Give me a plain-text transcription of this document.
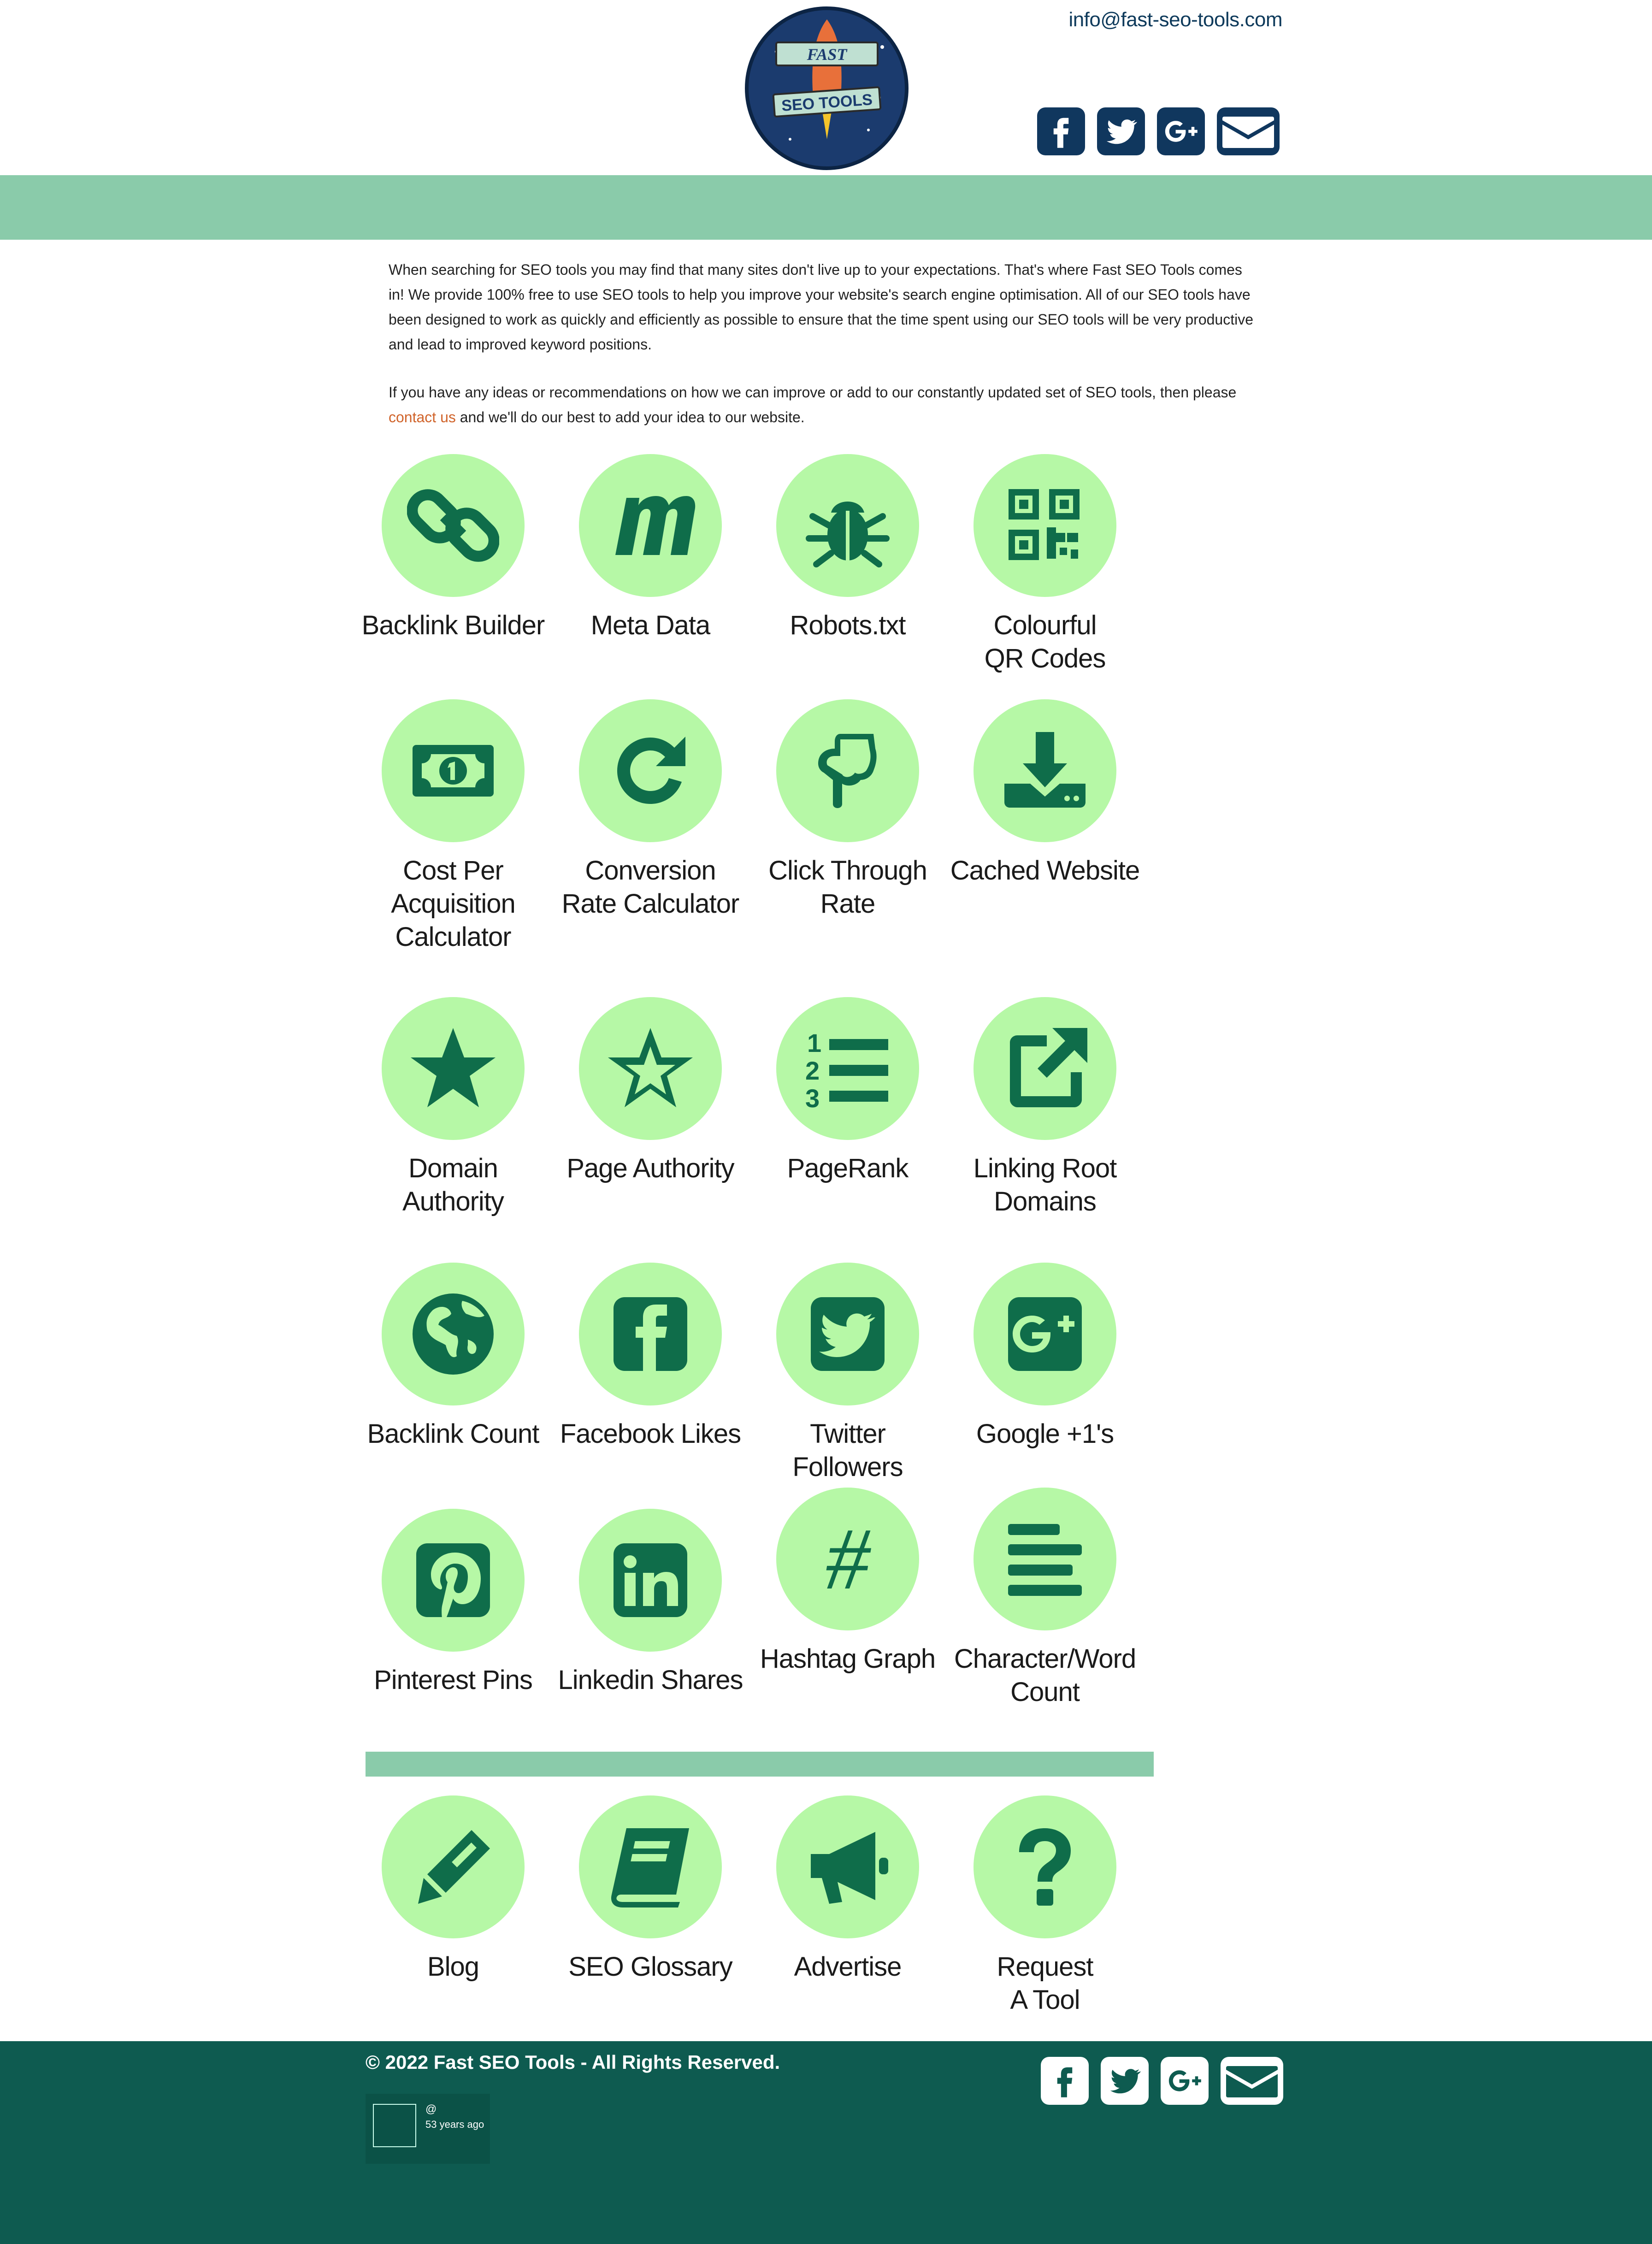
info@fast-seo-tools.com
FAST
SEO TOOLS

When searching for SEO tools you may find that many sites don't live up to your expectations. That's where Fast SEO Tools comes in! We provide 100% free to use SEO tools to help you improve your website's search engine optimisation. All of our SEO tools have been designed to work as quickly and efficiently as possible to ensure that the time spent using our SEO tools will be very productive and lead to improved keyword positions.

If you have any ideas or recommendations on how we can improve or add to our constantly updated set of SEO tools, then please contact us and we'll do our best to add your idea to our website.

Backlink Builder	Meta Data	Robots.txt	Colourful
QR Codes
Cost Per
Acquisition
Calculator
Conversion
Rate Calculator
Click Through
Rate
Cached Website
Domain
Authority
Page Authority
1
2
3
PageRank	Linking Root
Domains
Backlink Count Facebook Likes	Twitter
Followers
Google +1's
Pinterest Pins Linkedin Shares
#
Hashtag Graph Character/Word
Count
Blog	SEO Glossary	Advertise	Request
A Tool
© 2022 Fast SEO Tools - All Rights Reserved.
@
53 years ago
